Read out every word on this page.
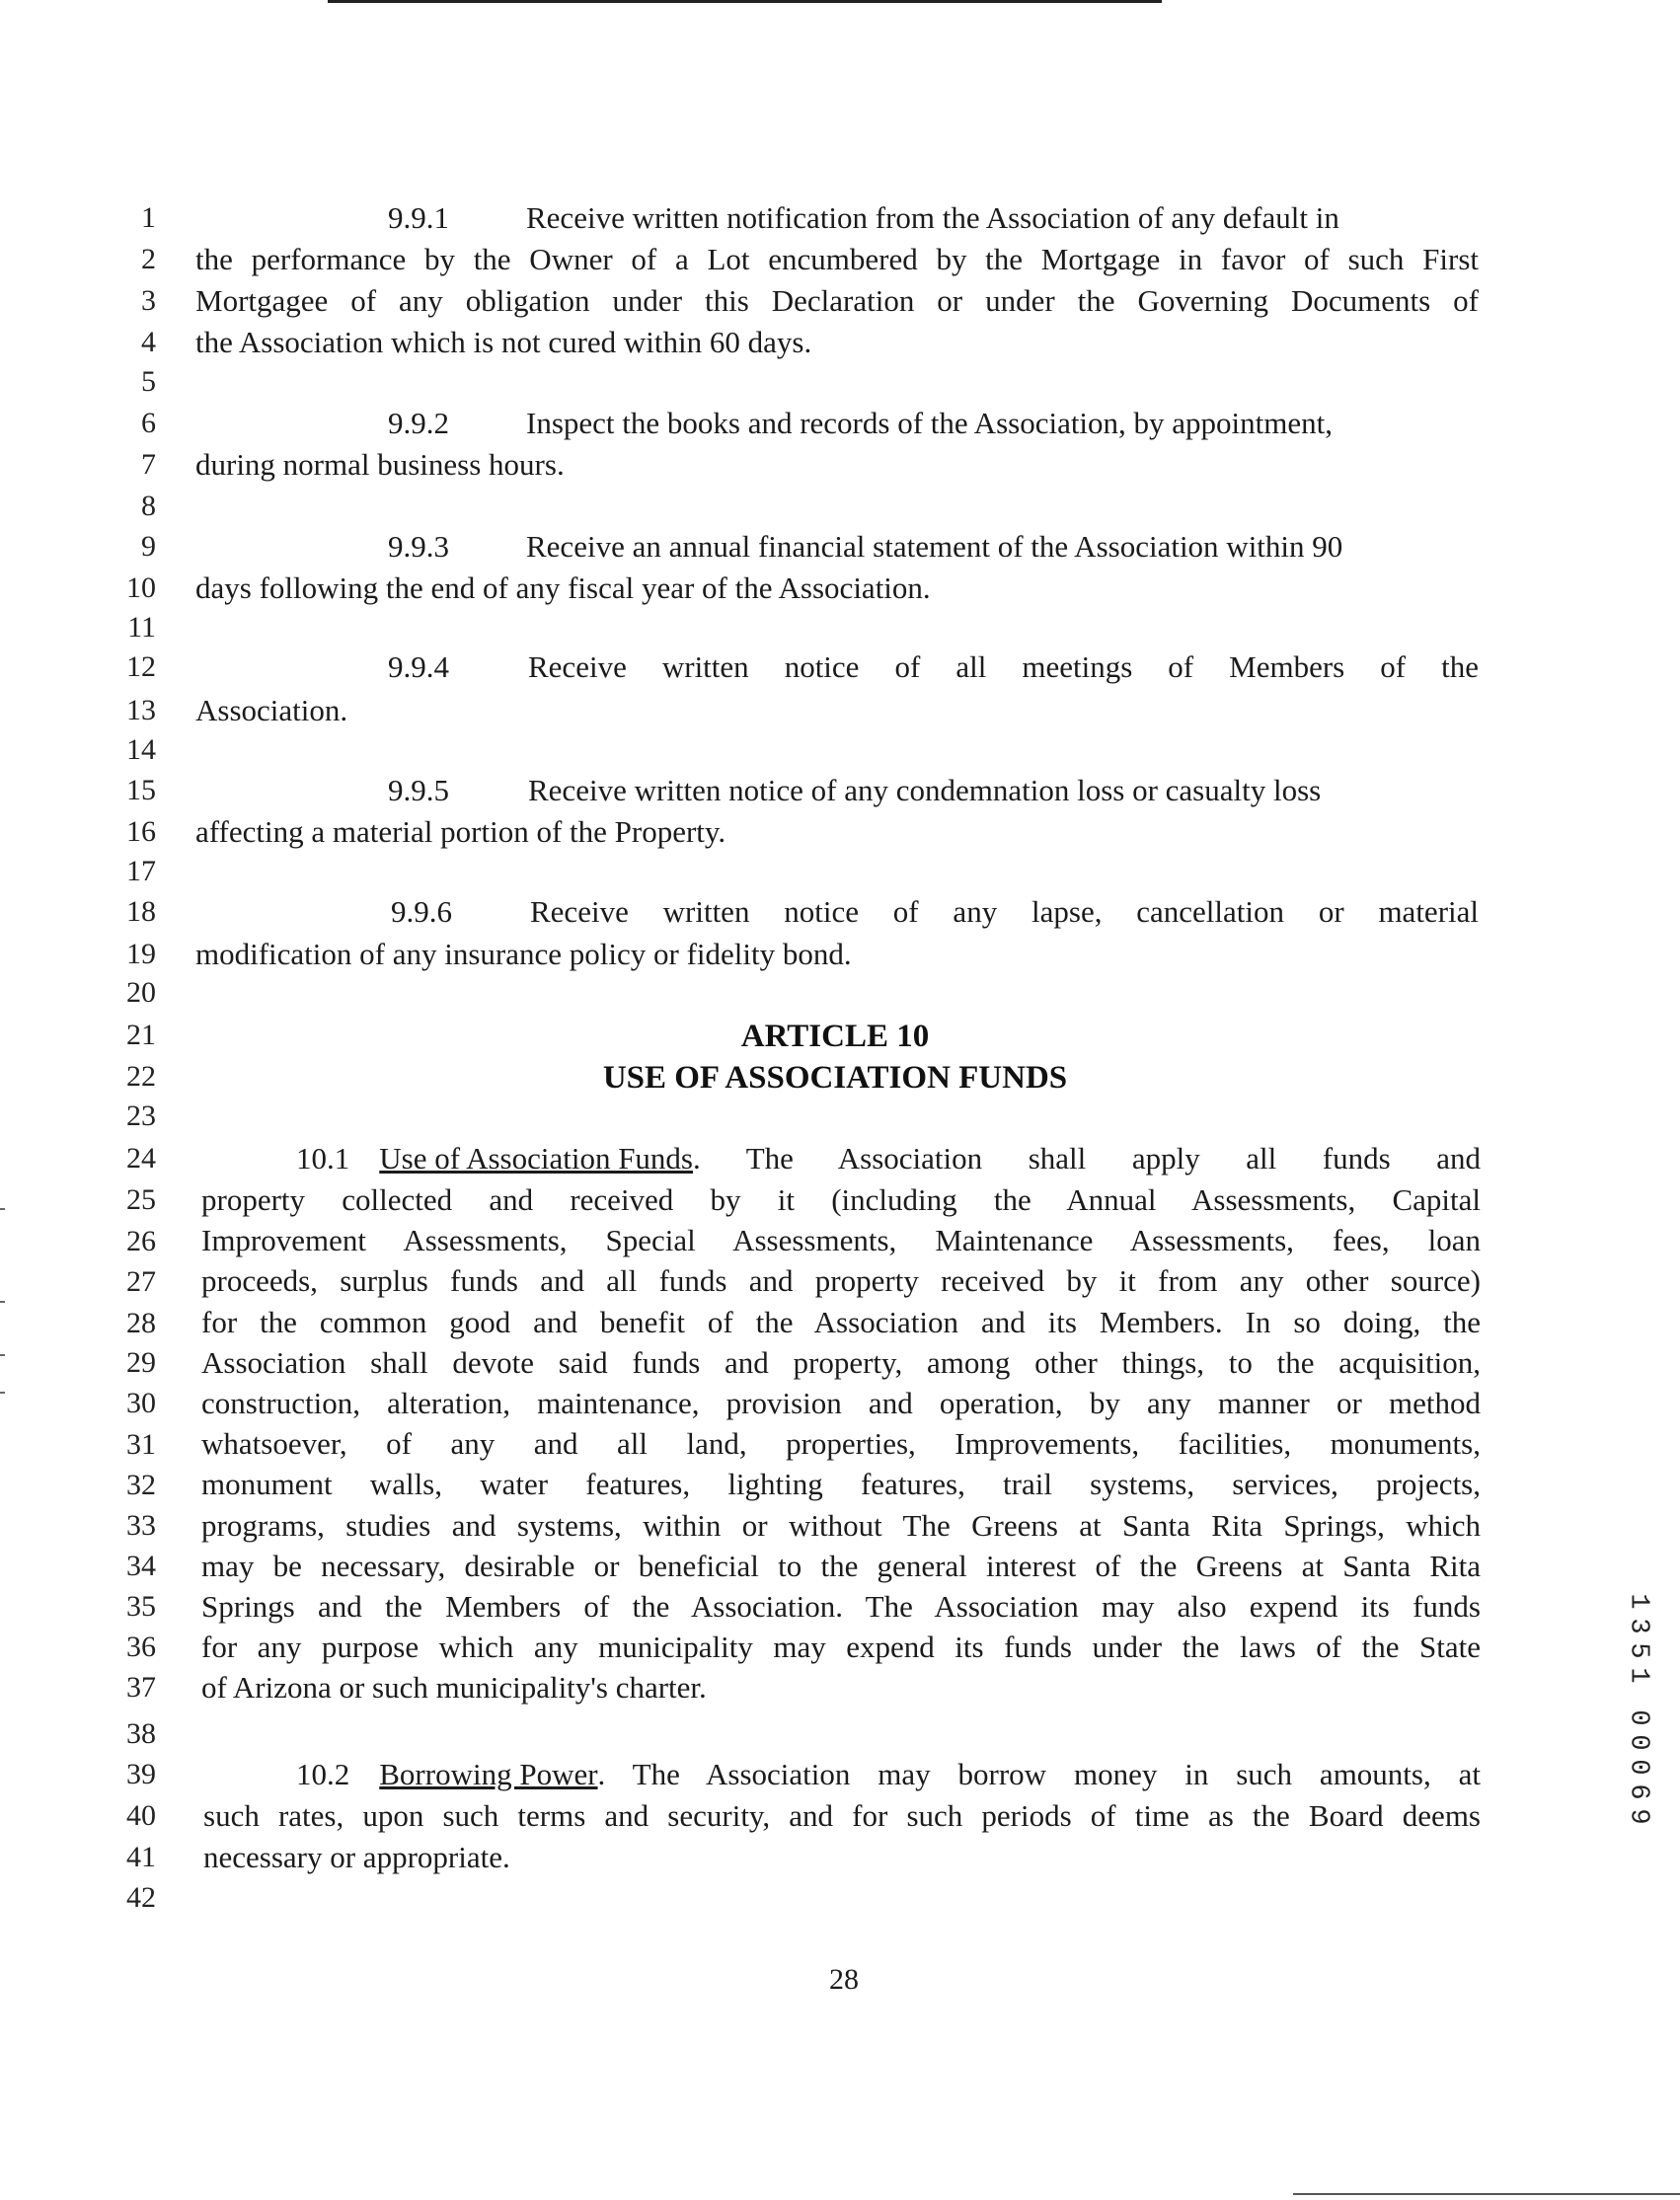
1
2
3
4
5
6
7
8
9
10
11
12
13
14
15
16
17
18
19
20
21
22
23
24
25
26
27
28
29
30
31
32
33
34
35
36
37
38
39
40
41
42
9.9.1	Receive written notification from the Association of any default in
the performance by the Owner of a Lot encumbered by the Mortgage in favor of such First
Mortgagee of any obligation under this Declaration or under the Governing Documents of
the Association which is not cured within 60 days.
9.9.2	Inspect the books and records of the Association, by appointment,
during normal business hours.
9.9.3	Receive an annual financial statement of the Association within 90
days following the end of any fiscal year of the Association.
9.9.4	Receive written notice of all meetings of Members of the
Association.
9.9.5	Receive written notice of any condemnation loss or casualty loss
affecting a material portion of the Property.
9.9.6	Receive written notice of any lapse, cancellation or material
modification of any insurance policy or fidelity bond.
ARTICLE 10
USE OF ASSOCIATION FUNDS
10.1 Use of Association Funds . The Association shall apply all funds and
property collected and received by it (including the Annual Assessments, Capital
Improvement Assessments, Special Assessments, Maintenance Assessments, fees, loan
proceeds, surplus funds and all funds and property received by it from any other source)
for the common good and benefit of the Association and its Members. In so doing, the
Association shall devote said funds and property, among other things, to the acquisition,
construction, alteration, maintenance, provision and operation, by any manner or method
whatsoever, of any and all land, properties, Improvements, facilities, monuments,
monument walls, water features, lighting features, trail systems, services, projects,
programs, studies and systems, within or without The Greens at Santa Rita Springs, which
may be necessary, desirable or beneficial to the general interest of the Greens at Santa Rita
Springs and the Members of the Association. The Association may also expend its funds
for any purpose which any municipality may expend its funds under the laws of the State
of Arizona or such municipality's charter.
10.2 Borrowing Power . The Association may borrow money in such amounts, at
such rates, upon such terms and security, and for such periods of time as the Board deems
necessary or appropriate.
28
1
3
5
1
0
0
0
6
9
